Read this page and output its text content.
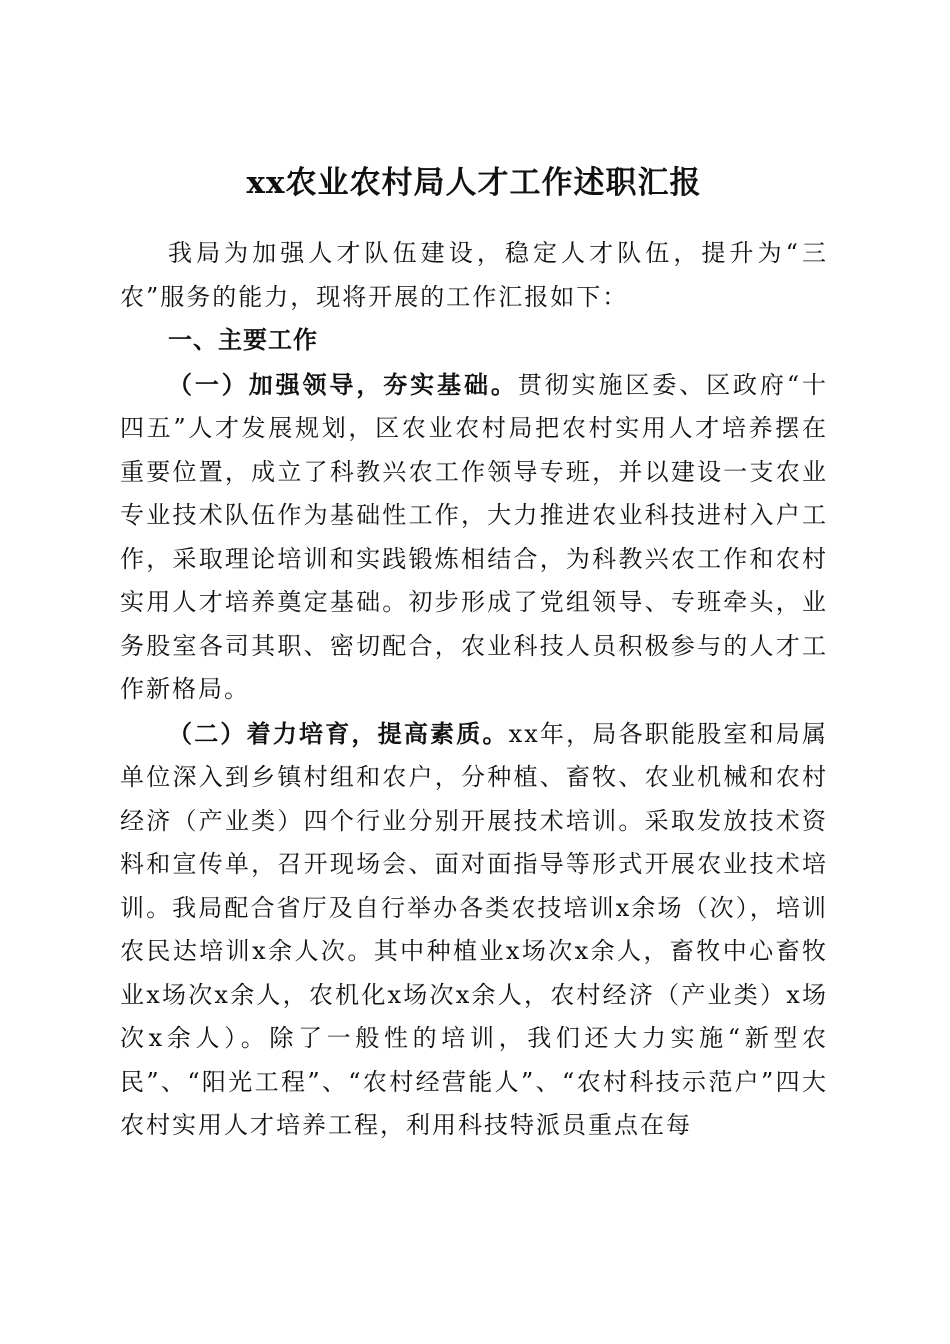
xx农业农村局人才工作述职汇报

我局为加强人才队伍建设，稳定人才队伍，提升为“三农”服务的能力，现将开展的工作汇报如下：

一、主要工作

（一）加强领导，夯实基础。贯彻实施区委、区政府“十四五”人才发展规划，区农业农村局把农村实用人才培养摆在重要位置，成立了科教兴农工作领导专班，并以建设一支农业专业技术队伍作为基础性工作，大力推进农业科技进村入户工作，采取理论培训和实践锻炼相结合，为科教兴农工作和农村实用人才培养奠定基础。初步形成了党组领导、专班牵头，业务股室各司其职、密切配合，农业科技人员积极参与的人才工作新格局。

（二）着力培育，提高素质。xx年，局各职能股室和局属单位深入到乡镇村组和农户，分种植、畜牧、农业机械和农村经济（产业类）四个行业分别开展技术培训。采取发放技术资料和宣传单，召开现场会、面对面指导等形式开展农业技术培训。我局配合省厅及自行举办各类农技培训x余场（次），培训农民达培训x余人次。其中种植业x场次x余人，畜牧中心畜牧业x场次x余人，农机化x场次x余人，农村经济（产业类）x场次x余人）。除了一般性的培训，我们还大力实施“新型农民”、“阳光工程”、“农村经营能人”、“农村科技示范户”四大农村实用人才培养工程，利用科技特派员重点在每
